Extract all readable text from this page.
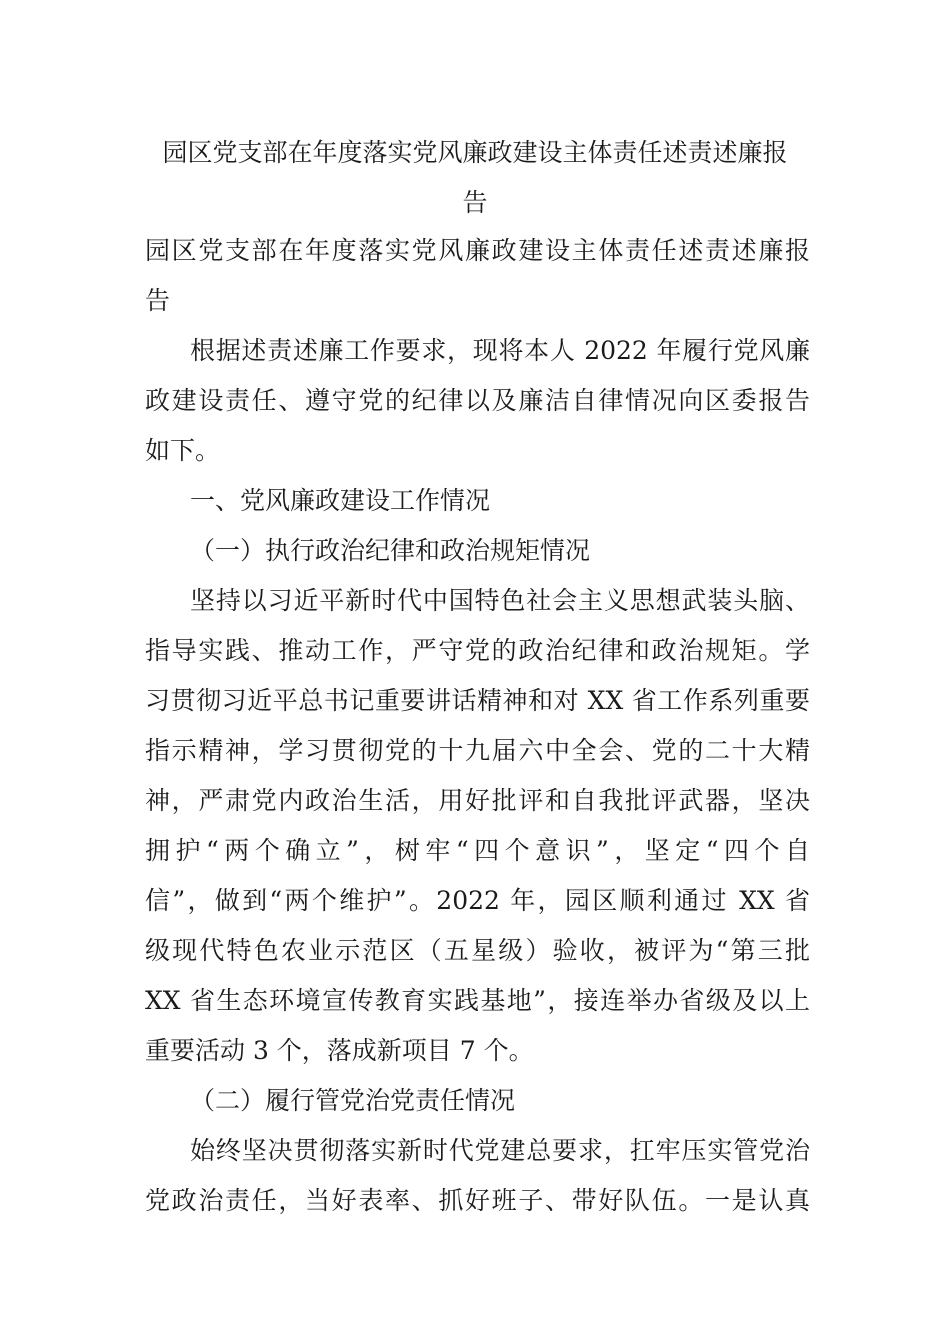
园区党支部在年度落实党风廉政建设主体责任述责述廉报
告
园区党支部在年度落实党风廉政建设主体责任述责述廉报
告
根据述责述廉工作要求，现将本人 2022 年履行党风廉
政建设责任、遵守党的纪律以及廉洁自律情况向区委报告
如下。
一、党风廉政建设工作情况
（一）执行政治纪律和政治规矩情况
坚持以习近平新时代中国特色社会主义思想武装头脑、
指导实践、推动工作，严守党的政治纪律和政治规矩。学
习贯彻习近平总书记重要讲话精神和对 XX 省工作系列重要
指示精神，学习贯彻党的十九届六中全会、党的二十大精
神，严肃党内政治生活，用好批评和自我批评武器，坚决
拥护“两个确立”，树牢“四个意识”，坚定“四个自
信”，做到“两个维护”。2022 年，园区顺利通过 XX 省
级现代特色农业示范区（五星级）验收，被评为“第三批
XX 省生态环境宣传教育实践基地”，接连举办省级及以上
重要活动 3 个，落成新项目 7 个。
（二）履行管党治党责任情况
始终坚决贯彻落实新时代党建总要求，扛牢压实管党治
党政治责任，当好表率、抓好班子、带好队伍。一是认真
